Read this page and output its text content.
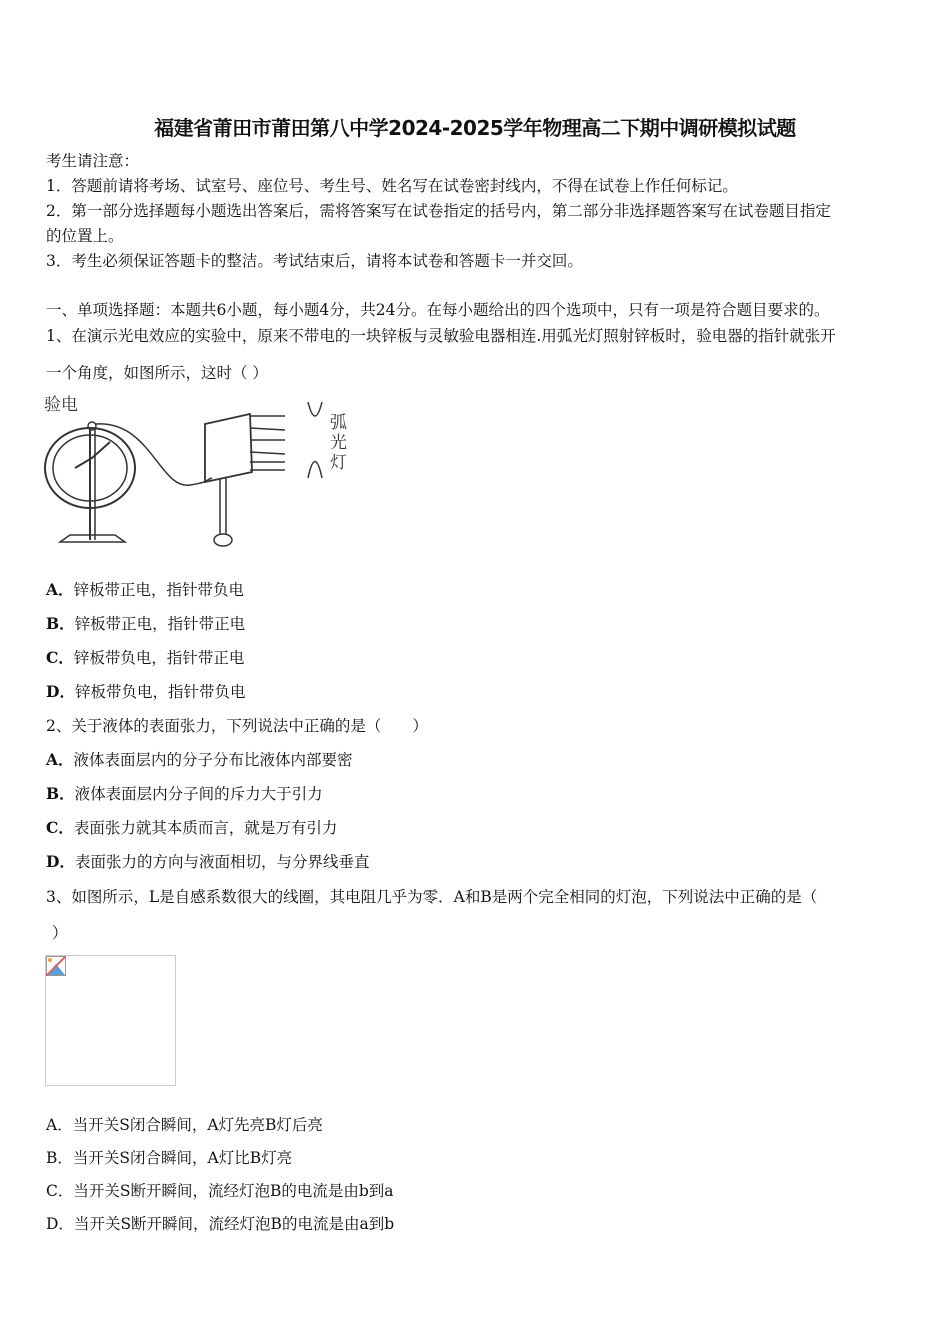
福建省莆田市莆田第八中学2024-2025学年物理高二下期中调研模拟试题
考生请注意：
1．答题前请将考场、试室号、座位号、考生号、姓名写在试卷密封线内，不得在试卷上作任何标记。
2．第一部分选择题每小题选出答案后，需将答案写在试卷指定的括号内，第二部分非选择题答案写在试卷题目指定
的位置上。
3．考生必须保证答题卡的整洁。考试结束后，请将本试卷和答题卡一并交回。
一、单项选择题：本题共6小题，每小题4分，共24分。在每小题给出的四个选项中，只有一项是符合题目要求的。
1、在演示光电效应的实验中，原来不带电的一块锌板与灵敏验电器相连.用弧光灯照射锌板时，验电器的指针就张开
一个角度，如图所示，这时（ ）
验电
弧
光
灯
A．锌板带正电，指针带负电
B．锌板带正电，指针带正电
C．锌板带负电，指针带正电
D．锌板带负电，指针带负电
2、关于液体的表面张力，下列说法中正确的是（　　）
A．液体表面层内的分子分布比液体内部要密
B．液体表面层内分子间的斥力大于引力
C．表面张力就其本质而言，就是万有引力
D．表面张力的方向与液面相切，与分界线垂直
3、如图所示，L是自感系数很大的线圈，其电阻几乎为零．A和B是两个完全相同的灯泡，下列说法中正确的是（
）
A．当开关S闭合瞬间，A灯先亮B灯后亮
B．当开关S闭合瞬间，A灯比B灯亮
C．当开关S断开瞬间，流经灯泡B的电流是由b到a
D．当开关S断开瞬间，流经灯泡B的电流是由a到b
